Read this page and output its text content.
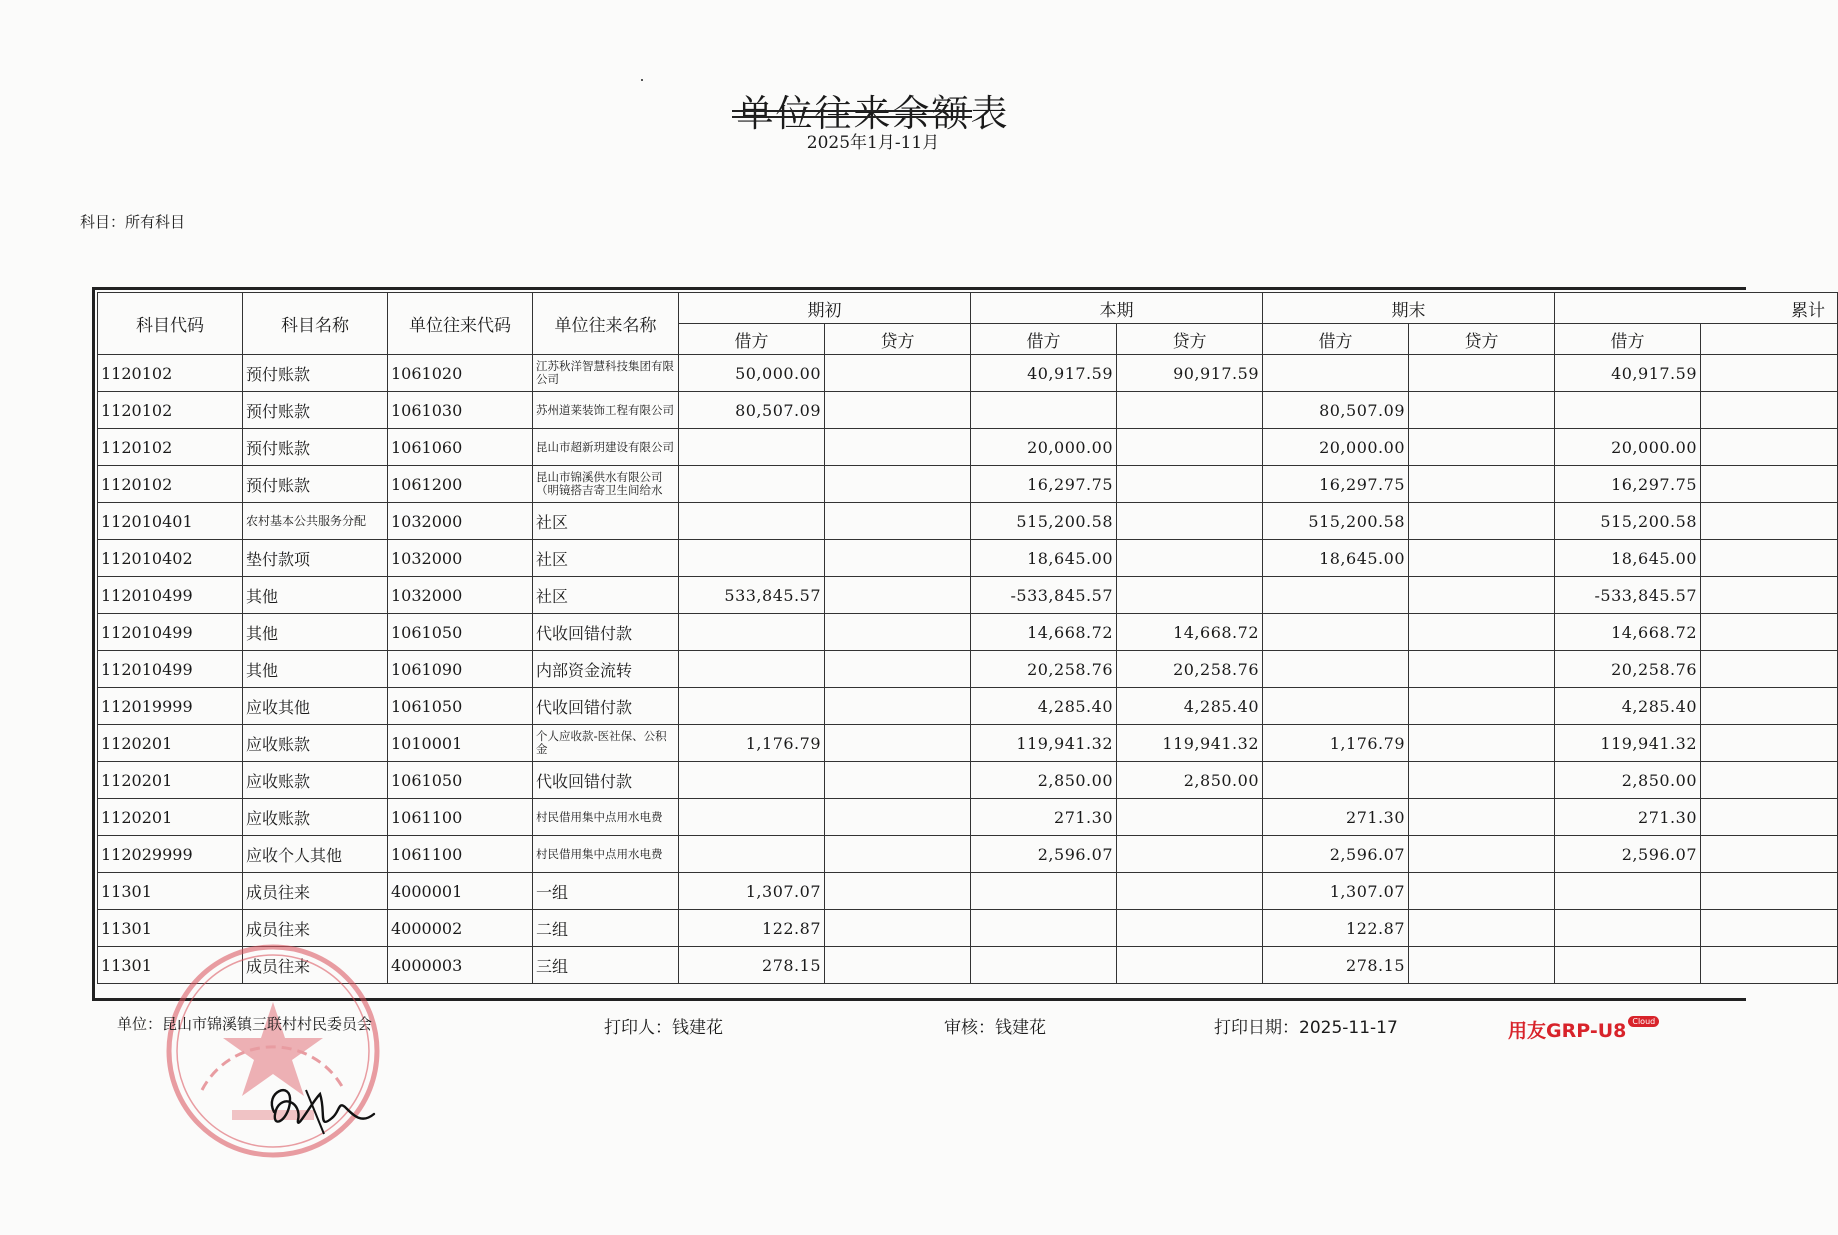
单位往来余额表
2025年1月-11月
科目：所有科目
科目代码	科目名称	单位往来代码	单位往来名称	期初		本期		期末		累计	
				借方	贷方	借方	贷方	借方	贷方	借方	
1120102	预付账款	1061020	江苏秋洋智慧科技集团有限公司	50,000.00		40,917.59	90,917.59			40,917.59	
1120102	预付账款	1061030	苏州道莱装饰工程有限公司	80,507.09				80,507.09			
1120102	预付账款	1061060	昆山市超新玥建设有限公司			20,000.00		20,000.00		20,000.00	
1120102	预付账款	1061200	昆山市锦溪供水有限公司（明镜搭吉寄卫生间给水			16,297.75		16,297.75		16,297.75	
112010401	农村基本公共服务分配	1032000	社区			515,200.58		515,200.58		515,200.58	
112010402	垫付款项	1032000	社区			18,645.00		18,645.00		18,645.00	
112010499	其他	1032000	社区	533,845.57		-533,845.57				-533,845.57	
112010499	其他	1061050	代收回错付款			14,668.72	14,668.72			14,668.72	
112010499	其他	1061090	内部资金流转			20,258.76	20,258.76			20,258.76	
112019999	应收其他	1061050	代收回错付款			4,285.40	4,285.40			4,285.40	
1120201	应收账款	1010001	个人应收款-医社保、公积金	1,176.79		119,941.32	119,941.32	1,176.79		119,941.32	
1120201	应收账款	1061050	代收回错付款			2,850.00	2,850.00			2,850.00	
1120201	应收账款	1061100	村民借用集中点用水电费			271.30		271.30		271.30	
112029999	应收个人其他	1061100	村民借用集中点用水电费			2,596.07		2,596.07		2,596.07	
11301	成员往来	4000001	一组	1,307.07				1,307.07			
11301	成员往来	4000002	二组	122.87				122.87			
11301	成员往来	4000003	三组	278.15				278.15			
单位：昆山市锦溪镇三联村村民委员会	打印人：钱建花	审核：钱建花	打印日期：2025-11-17	用友GRP-U8 Cloud
